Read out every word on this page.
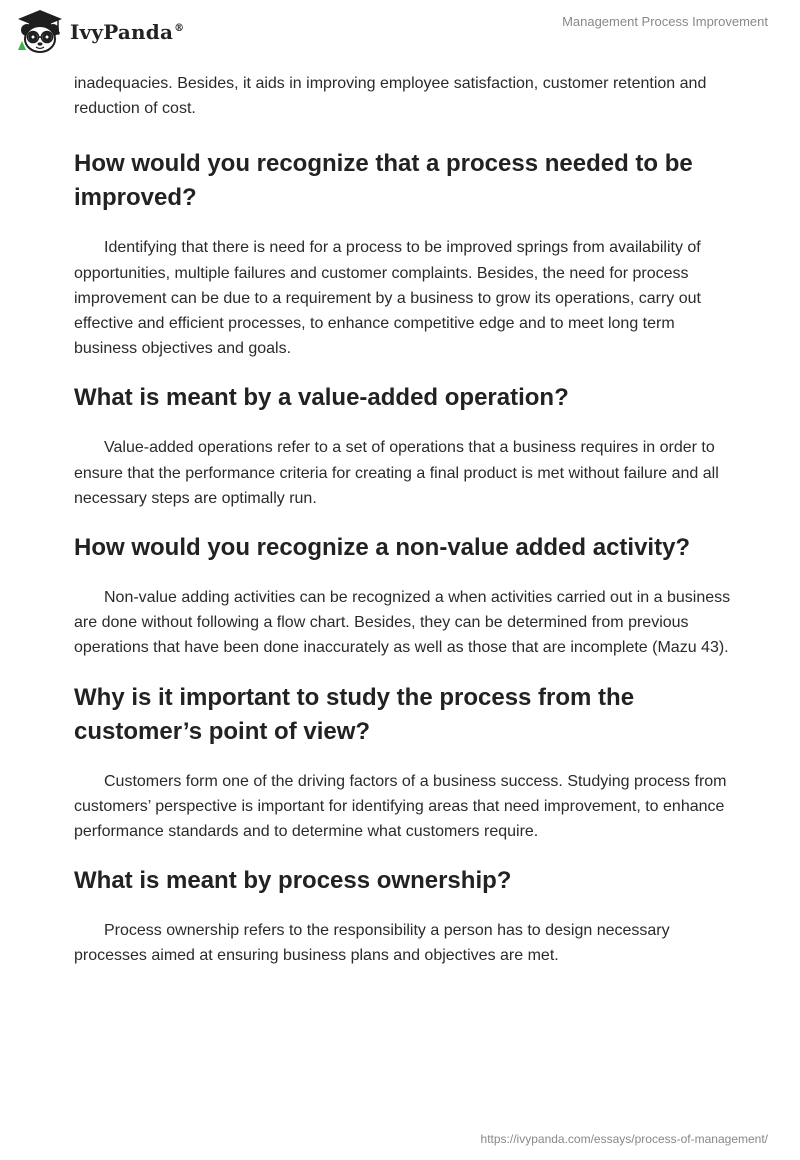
IvyPanda®	Management Process Improvement

inadequacies. Besides, it aids in improving employee satisfaction, customer retention and reduction of cost.

How would you recognize that a process needed to be improved?

Identifying that there is need for a process to be improved springs from availability of opportunities, multiple failures and customer complaints. Besides, the need for process improvement can be due to a requirement by a business to grow its operations, carry out effective and efficient processes, to enhance competitive edge and to meet long term business objectives and goals.

What is meant by a value-added operation?

Value-added operations refer to a set of operations that a business requires in order to ensure that the performance criteria for creating a final product is met without failure and all necessary steps are optimally run.

How would you recognize a non-value added activity?

Non-value adding activities can be recognized a when activities carried out in a business are done without following a flow chart. Besides, they can be determined from previous operations that have been done inaccurately as well as those that are incomplete (Mazu 43).

Why is it important to study the process from the customer’s point of view?

Customers form one of the driving factors of a business success. Studying process from customers’ perspective is important for identifying areas that need improvement, to enhance performance standards and to determine what customers require.

What is meant by process ownership?

Process ownership refers to the responsibility a person has to design necessary processes aimed at ensuring business plans and objectives are met.

https://ivypanda.com/essays/process-of-management/
